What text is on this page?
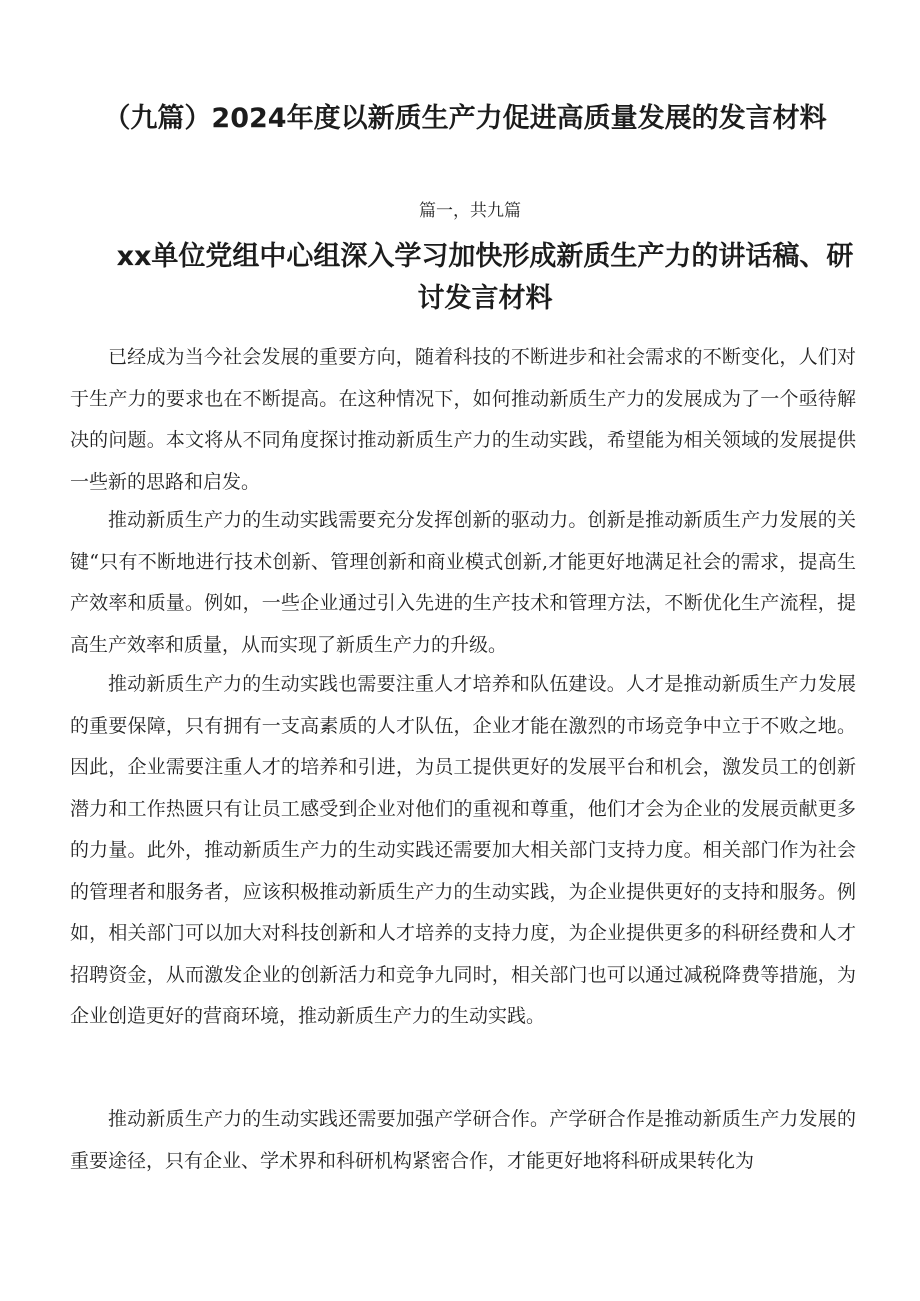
（九篇）2024年度以新质生产力促进高质量发展的发言材料
篇一，共九篇
xx单位党组中心组深入学习加快形成新质生产力的讲话稿、研讨发言材料

已经成为当今社会发展的重要方向，随着科技的不断进步和社会需求的不断变化，人们对于生产力的要求也在不断提高。在这种情况下，如何推动新质生产力的发展成为了一个亟待解决的问题。本文将从不同角度探讨推动新质生产力的生动实践，希望能为相关领域的发展提供一些新的思路和启发。

推动新质生产力的生动实践需要充分发挥创新的驱动力。创新是推动新质生产力发展的关键“只有不断地进行技术创新、管理创新和商业模式创新,才能更好地满足社会的需求，提高生产效率和质量。例如，一些企业通过引入先进的生产技术和管理方法，不断优化生产流程，提高生产效率和质量，从而实现了新质生产力的升级。

推动新质生产力的生动实践也需要注重人才培养和队伍建设。人才是推动新质生产力发展的重要保障，只有拥有一支高素质的人才队伍，企业才能在激烈的市场竞争中立于不败之地。因此，企业需要注重人才的培养和引进，为员工提供更好的发展平台和机会，激发员工的创新潜力和工作热匮只有让员工感受到企业对他们的重视和尊重，他们才会为企业的发展贡献更多的力量。此外，推动新质生产力的生动实践还需要加大相关部门支持力度。相关部门作为社会的管理者和服务者，应该积极推动新质生产力的生动实践，为企业提供更好的支持和服务。例如，相关部门可以加大对科技创新和人才培养的支持力度，为企业提供更多的科研经费和人才招聘资金，从而激发企业的创新活力和竞争九同时，相关部门也可以通过减税降费等措施，为企业创造更好的营商环境，推动新质生产力的生动实践。

推动新质生产力的生动实践还需要加强产学研合作。产学研合作是推动新质生产力发展的重要途径，只有企业、学术界和科研机构紧密合作，才能更好地将科研成果转化为
